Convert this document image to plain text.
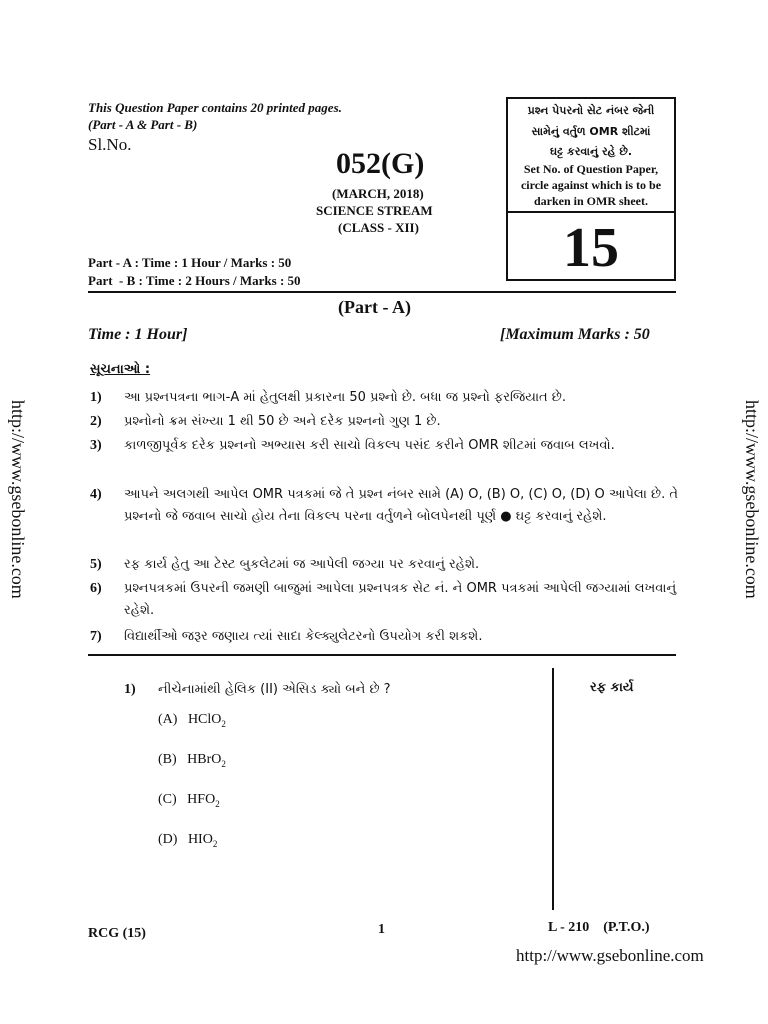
http://www.gsebonline.com	http://www.gsebonline.com
This Question Paper contains 20 printed pages.
(Part - A & Part - B)
Sl.No.
052(G)
(MARCH, 2018)
SCIENCE STREAM
(CLASS - XII)
Part - A : Time : 1 Hour / Marks : 50
Part  - B : Time : 2 Hours / Marks : 50
પ્રશ્ન પેપરનો સેટ નંબર જેની
સામેનું વર્તુળ OMR શીટમાં
ઘટ્ટ કરવાનું રહે છે.
Set No. of Question Paper,
circle against which is to be
darken in OMR sheet.
15
(Part - A)
Time : 1 Hour]	[Maximum Marks : 50
સૂચનાઓ :
1) આ પ્રશ્નપત્રના ભાગ-A માં હેતુલક્ષી પ્રકારના 50 પ્રશ્નો છે. બધા જ પ્રશ્નો ફરજિયાત છે.
2) પ્રશ્નોનો ક્રમ સંખ્યા 1 થી 50 છે અને દરેક પ્રશ્નનો ગુણ 1 છે.
3) કાળજીપૂર્વક દરેક પ્રશ્નનો અભ્યાસ કરી સાચો વિકલ્પ પસંદ કરીને OMR શીટમાં જવાબ લખવો.
4) આપને અલગથી આપેલ OMR પત્રકમાં જે તે પ્રશ્ન નંબર સામે (A) O, (B) O, (C) O, (D) O આપેલા છે. તે પ્રશ્નનો જે જવાબ સાચો હોય તેના વિકલ્પ પરના વર્તુળને બોલપેનથી પૂર્ણ ● ઘટ્ટ કરવાનું રહેશે.
5) રફ કાર્ય હેતુ આ ટેસ્ટ બુકલેટમાં જ આપેલી જગ્યા પર કરવાનું રહેશે.
6) પ્રશ્નપત્રકમાં ઉપરની જમણી બાજુમાં આપેલા પ્રશ્નપત્રક સેટ નં. ને OMR પત્રકમાં આપેલી જગ્યામાં લખવાનું રહેશે.
7) વિદ્યાર્થીઓ જરૂર જણાય ત્યાં સાદા કેલ્ક્યુલેટરનો ઉપયોગ કરી શકશે.
રફ કાર્ય
1) નીચેનામાંથી હેલિક (II) એસિડ ક્યો બને છે ?
(A) HClO$_2$
(B) HBrO$_2$
(C) $HFO_2$
(D) $HIO_2$
RCG (15)	1	L - 210    (P.T.O.)
http://www.gsebonline.com
